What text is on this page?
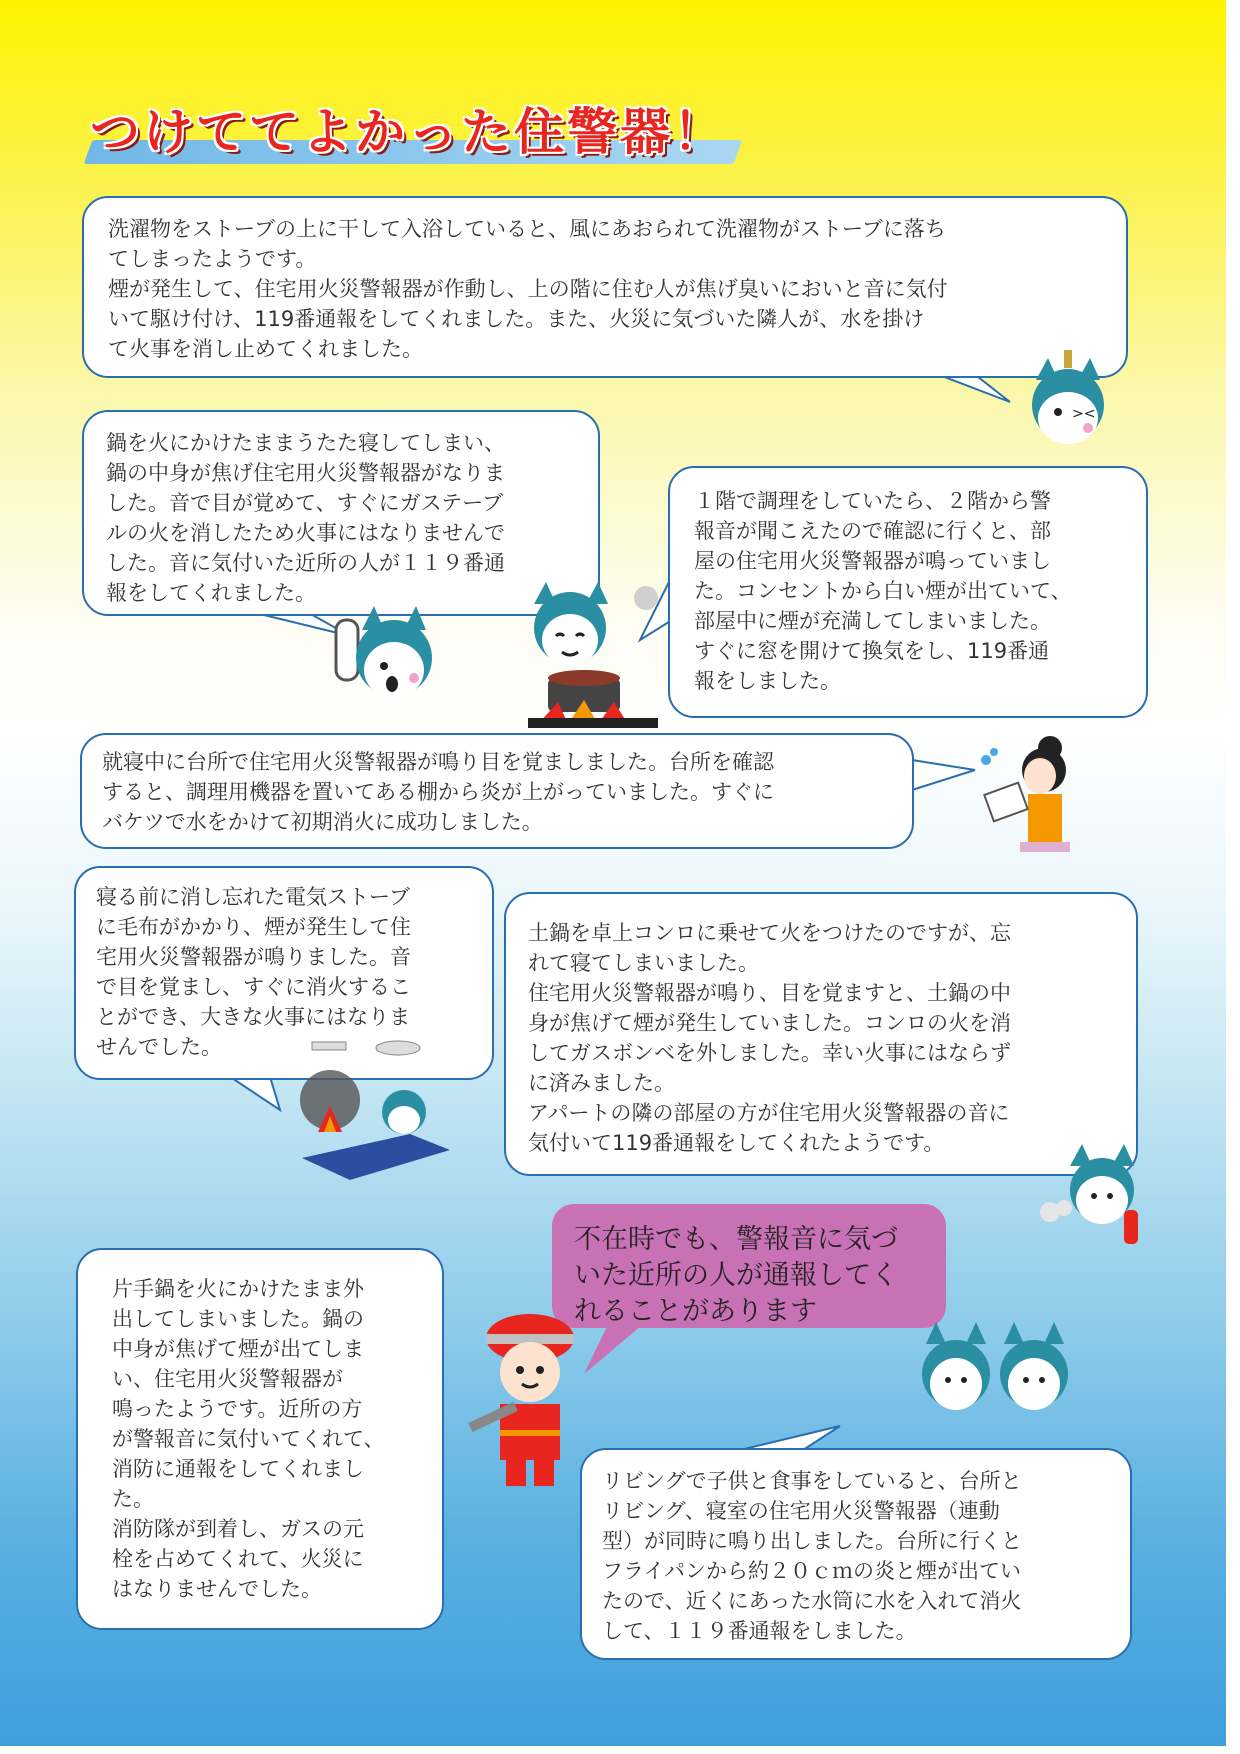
つけててよかった住警器！
洗濯物をストーブの上に干して入浴していると、風にあおられて洗濯物がストーブに落ち
てしまったようです。
煙が発生して、住宅用火災警報器が作動し、上の階に住む人が焦げ臭いにおいと音に気付
いて駆け付け、119番通報をしてくれました。また、火災に気づいた隣人が、水を掛け
て火事を消し止めてくれました。
><
鍋を火にかけたままうたた寝してしまい、
鍋の中身が焦げ住宅用火災警報器がなりま
した。音で目が覚めて、すぐにガステーブ
ルの火を消したため火事にはなりませんで
した。音に気付いた近所の人が１１９番通
報をしてくれました。
１階で調理をしていたら、２階から警
報音が聞こえたので確認に行くと、部
屋の住宅用火災警報器が鳴っていまし
た。コンセントから白い煙が出ていて、
部屋中に煙が充満してしまいました。
すぐに窓を開けて換気をし、119番通
報をしました。
就寝中に台所で住宅用火災警報器が鳴り目を覚ましました。台所を確認
すると、調理用機器を置いてある棚から炎が上がっていました。すぐに
バケツで水をかけて初期消火に成功しました。
寝る前に消し忘れた電気ストーブ
に毛布がかかり、煙が発生して住
宅用火災警報器が鳴りました。音
で目を覚まし、すぐに消火するこ
とができ、大きな火事にはなりま
せんでした。
土鍋を卓上コンロに乗せて火をつけたのですが、忘
れて寝てしまいました。
住宅用火災警報器が鳴り、目を覚ますと、土鍋の中
身が焦げて煙が発生していました。コンロの火を消
してガスボンベを外しました。幸い火事にはならず
に済みました。
アパートの隣の部屋の方が住宅用火災警報器の音に
気付いて119番通報をしてくれたようです。
片手鍋を火にかけたまま外
出してしまいました。鍋の
中身が焦げて煙が出てしま
い、住宅用火災警報器が
鳴ったようです。近所の方
が警報音に気付いてくれて、
消防に通報をしてくれまし
た。
消防隊が到着し、ガスの元
栓を占めてくれて、火災に
はなりませんでした。
不在時でも、警報音に気づ
いた近所の人が通報してく
れることがあります
リビングで子供と食事をしていると、台所と
リビング、寝室の住宅用火災警報器（連動
型）が同時に鳴り出しました。台所に行くと
フライパンから約２０ｃｍの炎と煙が出てい
たので、近くにあった水筒に水を入れて消火
して、１１９番通報をしました。
